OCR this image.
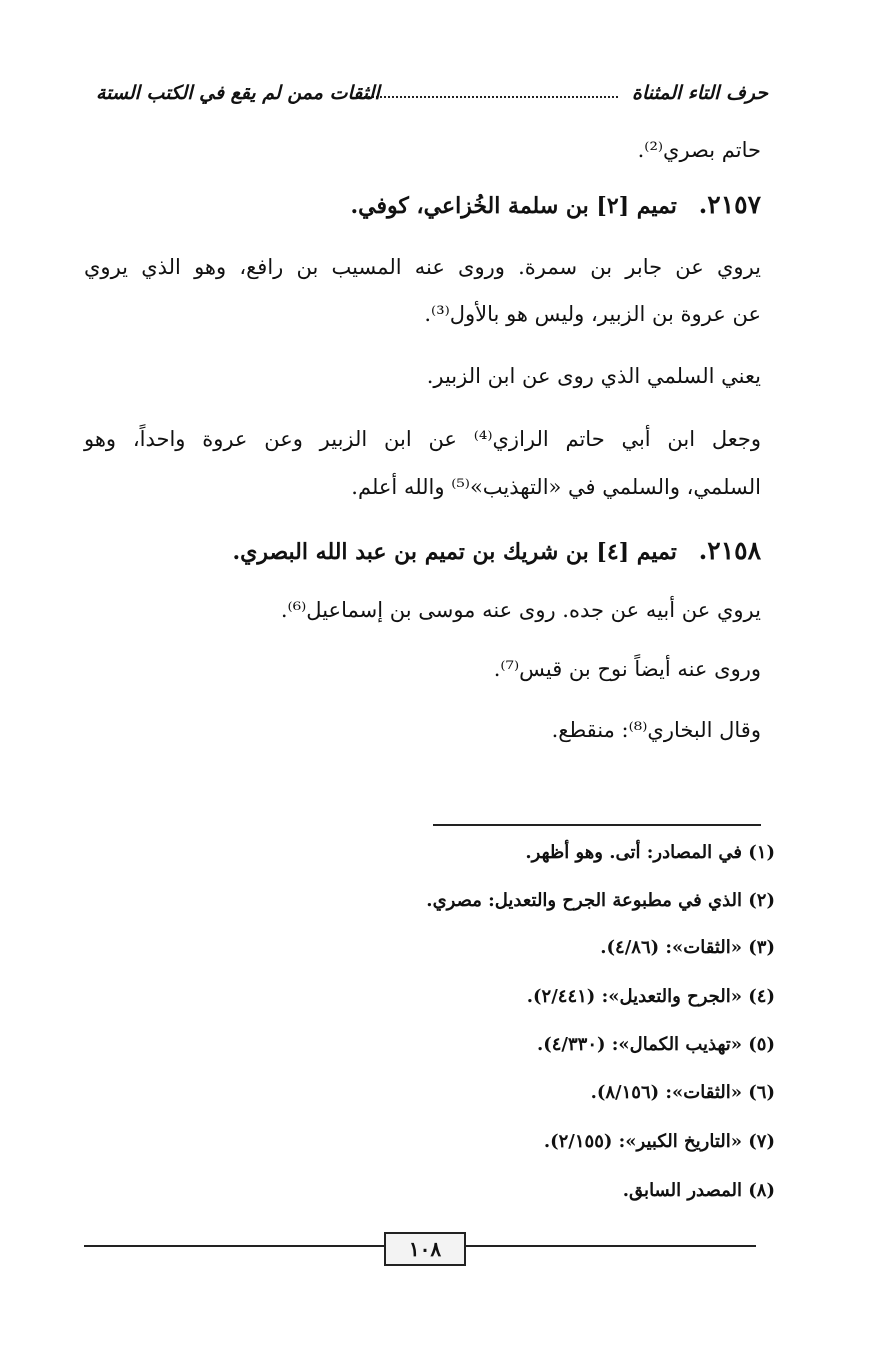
حرف التاء المثناة
الثقات ممن لم يقع في الكتب الستة
حاتم بصري⁽²⁾.
٢١٥٧. تميم [٢] بن سلمة الخُزاعي، كوفي.
يروي عن جابر بن سمرة. وروى عنه المسيب بن رافع، وهو الذي يروي
عن عروة بن الزبير، وليس هو بالأول⁽³⁾.
يعني السلمي الذي روى عن ابن الزبير.
وجعل ابن أبي حاتم الرازي⁽⁴⁾ عن ابن الزبير وعن عروة واحداً، وهو
السلمي، والسلمي في «التهذيب»⁽⁵⁾ والله أعلم.
٢١٥٨. تميم [٤] بن شريك بن تميم بن عبد الله البصري.
يروي عن أبيه عن جده. روى عنه موسى بن إسماعيل⁽⁶⁾.
وروى عنه أيضاً نوح بن قيس⁽⁷⁾.
وقال البخاري⁽⁸⁾: منقطع.
(١) في المصادر: أتى. وهو أظهر.
(٢) الذي في مطبوعة الجرح والتعديل: مصري.
(٣) «الثقات»: (٤/٨٦).
(٤) «الجرح والتعديل»: (٢/٤٤١).
(٥) «تهذيب الكمال»: (٤/٣٣٠).
(٦) «الثقات»: (٨/١٥٦).
(٧) «التاريخ الكبير»: (٢/١٥٥).
(٨) المصدر السابق.
١٠٨
